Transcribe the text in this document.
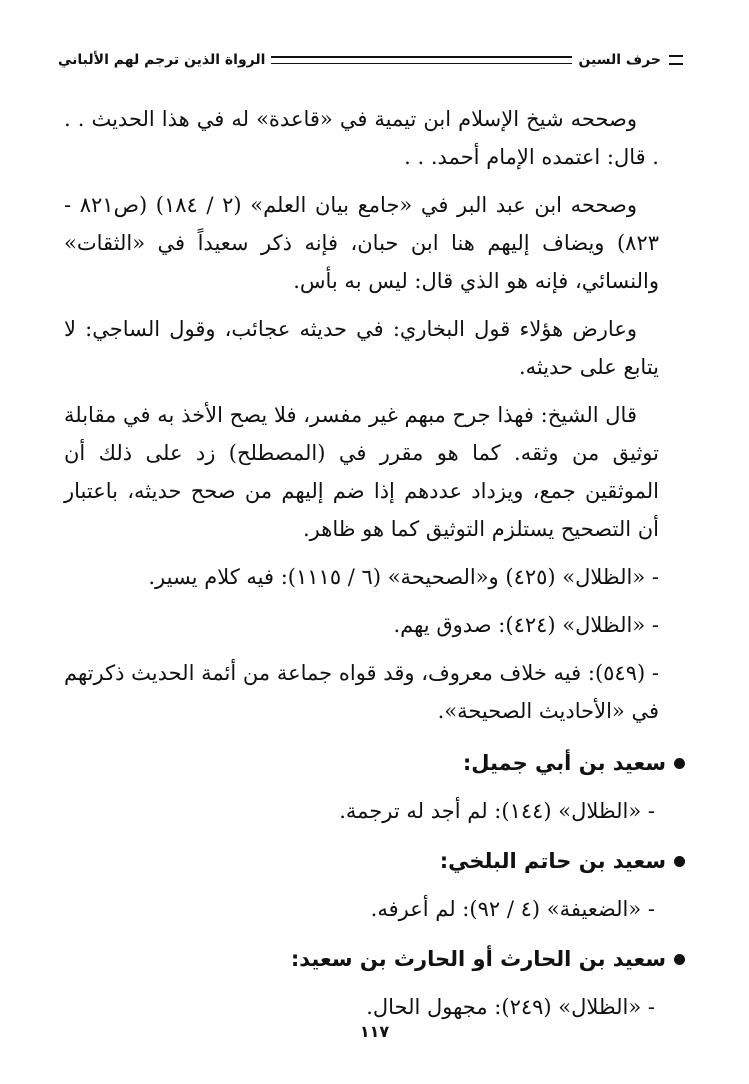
حرف السين
الرواة الذين ترجم لهم الألباني

وصححه شيخ الإسلام ابن تيمية في «قاعدة» له في هذا الحديث . . . قال: اعتمده الإمام أحمد. . .

وصححه ابن عبد البر في «جامع بيان العلم» (٢ / ١٨٤) (ص٨٢١ - ٨٢٣) ويضاف إليهم هنا ابن حبان، فإنه ذكر سعيداً في «الثقات» والنسائي، فإنه هو الذي قال: ليس به بأس.

وعارض هؤلاء قول البخاري: في حديثه عجائب، وقول الساجي: لا يتابع على حديثه.

قال الشيخ: فهذا جرح مبهم غير مفسر، فلا يصح الأخذ به في مقابلة توثيق من وثقه. كما هو مقرر في (المصطلح) زد على ذلك أن الموثقين جمع، ويزداد عددهم إذا ضم إليهم من صحح حديثه، باعتبار أن التصحيح يستلزم التوثيق كما هو ظاهر.

- «الظلال» (٤٢٥) و«الصحيحة» (٦ / ١١١٥): فيه كلام يسير.

- «الظلال» (٤٢٤): صدوق يهم.

- (٥٤٩): فيه خلاف معروف، وقد قواه جماعة من أئمة الحديث ذكرتهم في «الأحاديث الصحيحة».

سعيد بن أبي جميل:

- «الظلال» (١٤٤): لم أجد له ترجمة.

سعيد بن حاتم البلخي:

- «الضعيفة» (٤ / ٩٢): لم أعرفه.

سعيد بن الحارث أو الحارث بن سعيد:

- «الظلال» (٢٤٩): مجهول الحال.

١١٧
